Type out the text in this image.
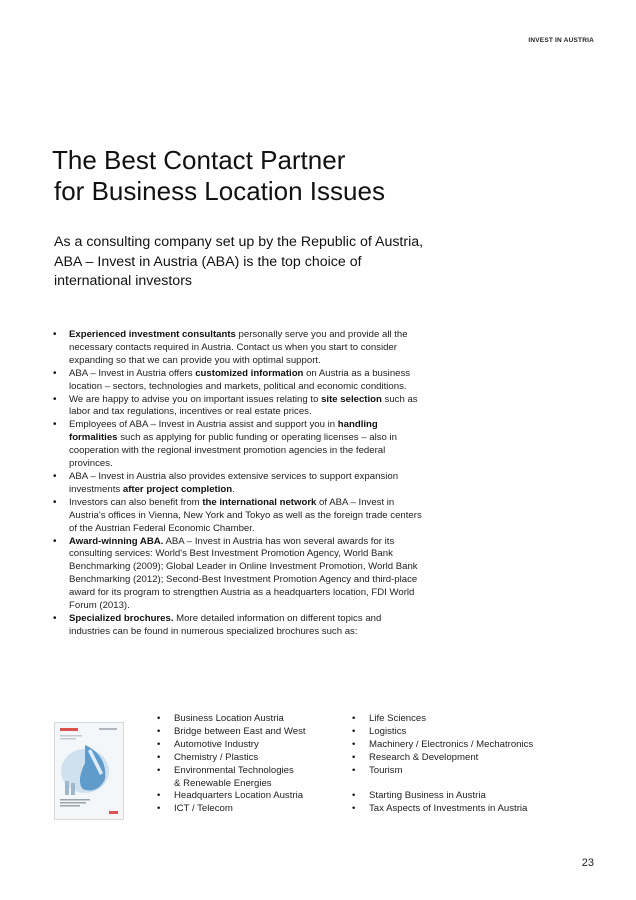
INVEST IN AUSTRIA
The Best Contact Partner
for Business Location Issues
As a consulting company set up by the Republic of Austria,
ABA – Invest in Austria (ABA) is the top choice of
international investors
• Experienced investment consultants personally serve you and provide all the necessary contacts required in Austria. Contact us when you start to consider expanding so that we can provide you with optimal support.
• ABA – Invest in Austria offers customized information on Austria as a business location – sectors, technologies and markets, political and economic conditions.
• We are happy to advise you on important issues relating to site selection such as labor and tax regulations, incentives or real estate prices.
• Employees of ABA – Invest in Austria assist and support you in handling formalities such as applying for public funding or operating licenses – also in cooperation with the regional investment promotion agencies in the federal provinces.
• ABA – Invest in Austria also provides extensive services to support expansion investments after project completion.
• Investors can also benefit from the international network of ABA – Invest in Austria's offices in Vienna, New York and Tokyo as well as the foreign trade centers of the Austrian Federal Economic Chamber.
• Award-winning ABA. ABA – Invest in Austria has won several awards for its consulting services: World's Best Investment Promotion Agency, World Bank Benchmarking (2009); Global Leader in Online Investment Promotion, World Bank Benchmarking (2012); Second-Best Investment Promotion Agency and third-place award for its program to strengthen Austria as a headquarters location, FDI World Forum (2013).
• Specialized brochures. More detailed information on different topics and industries can be found in numerous specialized brochures such as:
• Business Location Austria
• Bridge between East and West
• Automotive Industry
• Chemistry / Plastics
• Environmental Technologies
& Renewable Energies
• Headquarters Location Austria
• ICT / Telecom
• Life Sciences
• Logistics
• Machinery / Electronics / Mechatronics
• Research & Development
• Tourism
• Starting Business in Austria
• Tax Aspects of Investments in Austria
23
